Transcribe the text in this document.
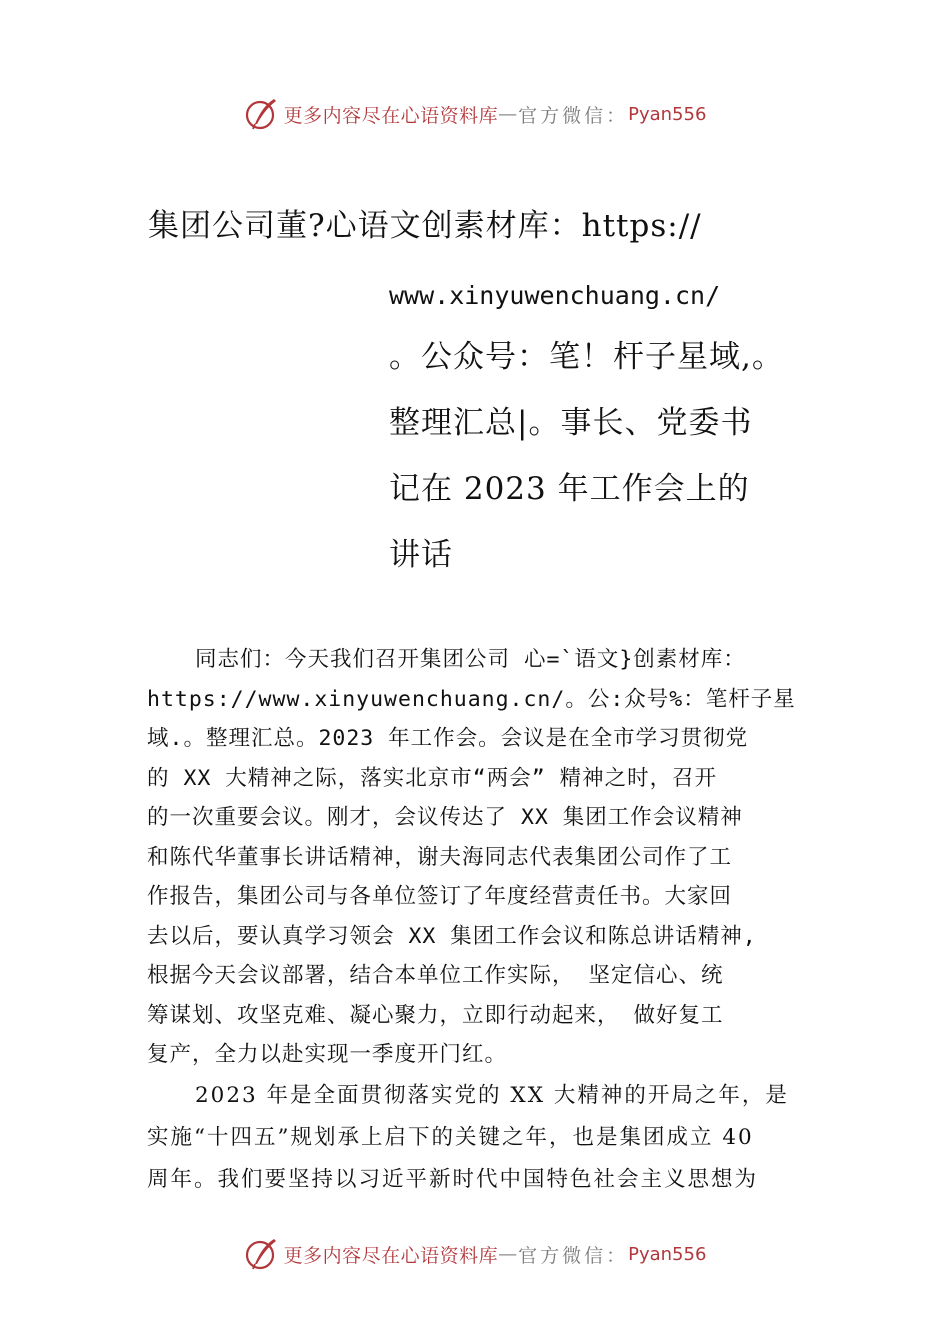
更多内容尽在心语资料库 — 官方微信： Pyan556
集团公司董?心语文创素材库：https://
www.xinyuwenchuang.cn/
。公众号：笔！杆子星域,。
整理汇总|。事长、党委书
记在 2023 年工作会上的
讲话
同志们：今天我们召开集团公司 心=`语文}创素材库：
https://www.xinyuwenchuang.cn/。公:众号%：笔杆子星
域.。整理汇总。2023 年工作会。会议是在全市学习贯彻党
的 XX 大精神之际，落实北京市“两会” 精神之时，召开
的一次重要会议。刚才，会议传达了 XX 集团工作会议精神
和陈代华董事长讲话精神，谢夫海同志代表集团公司作了工
作报告，集团公司与各单位签订了年度经营责任书。大家回
去以后，要认真学习领会 XX 集团工作会议和陈总讲话精神,
根据今天会议部署，结合本单位工作实际， 坚定信心、统
筹谋划、攻坚克难、凝心聚力，立即行动起来， 做好复工
复产，全力以赴实现一季度开门红。
2023 年是全面贯彻落实党的 XX 大精神的开局之年，是
实施“十四五”规划承上启下的关键之年，也是集团成立 40
周年。我们要坚持以习近平新时代中国特色社会主义思想为
更多内容尽在心语资料库 — 官方微信： Pyan556
